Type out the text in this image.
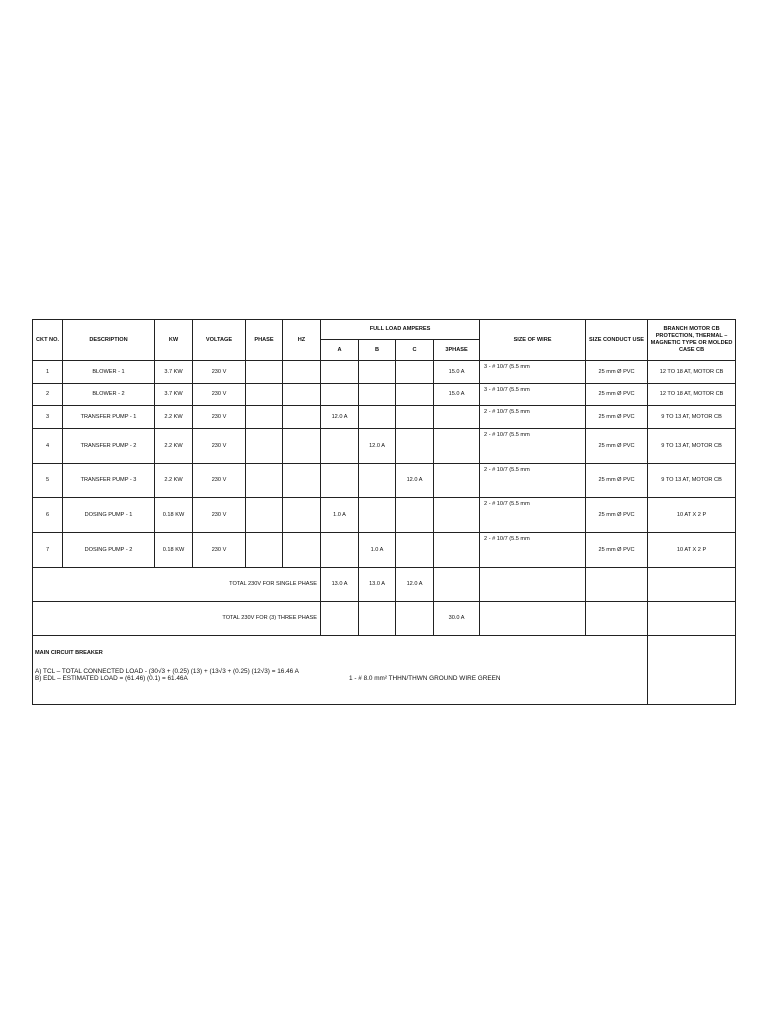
CKT NO.	DESCRIPTION	KW	VOLTAGE	PHASE	HZ	FULL LOAD AMPERES				SIZE OF WIRE	SIZE CONDUCT USE	BRANCH MOTOR CB PROTECTION, THERMAL – MAGNETIC TYPE OR MOLDED CASE CB
						A	B	C	3PHASE			
1	BLOWER - 1	3.7 KW	230 V						15.0 A	3 - # 10/7 (5.5 mm	25 mm Ø PVC	12 TO 18 AT, MOTOR CB
2	BLOWER - 2	3.7 KW	230 V						15.0 A	3 - # 10/7 (5.5 mm	25 mm Ø PVC	12 TO 18 AT, MOTOR CB
3	TRANSFER PUMP - 1	2.2 KW	230 V			12.0 A				2 - # 10/7 (5.5 mm	25 mm Ø PVC	9 TO 13 AT, MOTOR CB
4	TRANSFER PUMP - 2	2.2 KW	230 V				12.0 A			2 - # 10/7 (5.5 mm	25 mm Ø PVC	9 TO 13 AT, MOTOR CB
5	TRANSFER PUMP - 3	2.2 KW	230 V					12.0 A		2 - # 10/7 (5.5 mm	25 mm Ø PVC	9 TO 13 AT, MOTOR CB
6	DOSING PUMP - 1	0.18 KW	230 V			1.0 A				2 - # 10/7 (5.5 mm	25 mm Ø PVC	10 AT X 2 P
7	DOSING PUMP - 2	0.18 KW	230 V				1.0 A			2 - # 10/7 (5.5 mm	25 mm Ø PVC	10 AT X 2 P
TOTAL 230V FOR SINGLE PHASE						13.0 A	13.0 A	12.0 A				
TOTAL 230V FOR (3) THREE PHASE									30.0 A			

MAIN CIRCUIT BREAKER
A) TCL – TOTAL CONNECTED LOAD - (30√3 + (0.25) (13) + (13√3 + (0.25) (12√3) = 16.46 A
B) EDL – ESTIMATED LOAD = (61.46) (0.1) = 61.46A 1 - # 8.0 mm² THHN/THWN GROUND WIRE GREEN												
